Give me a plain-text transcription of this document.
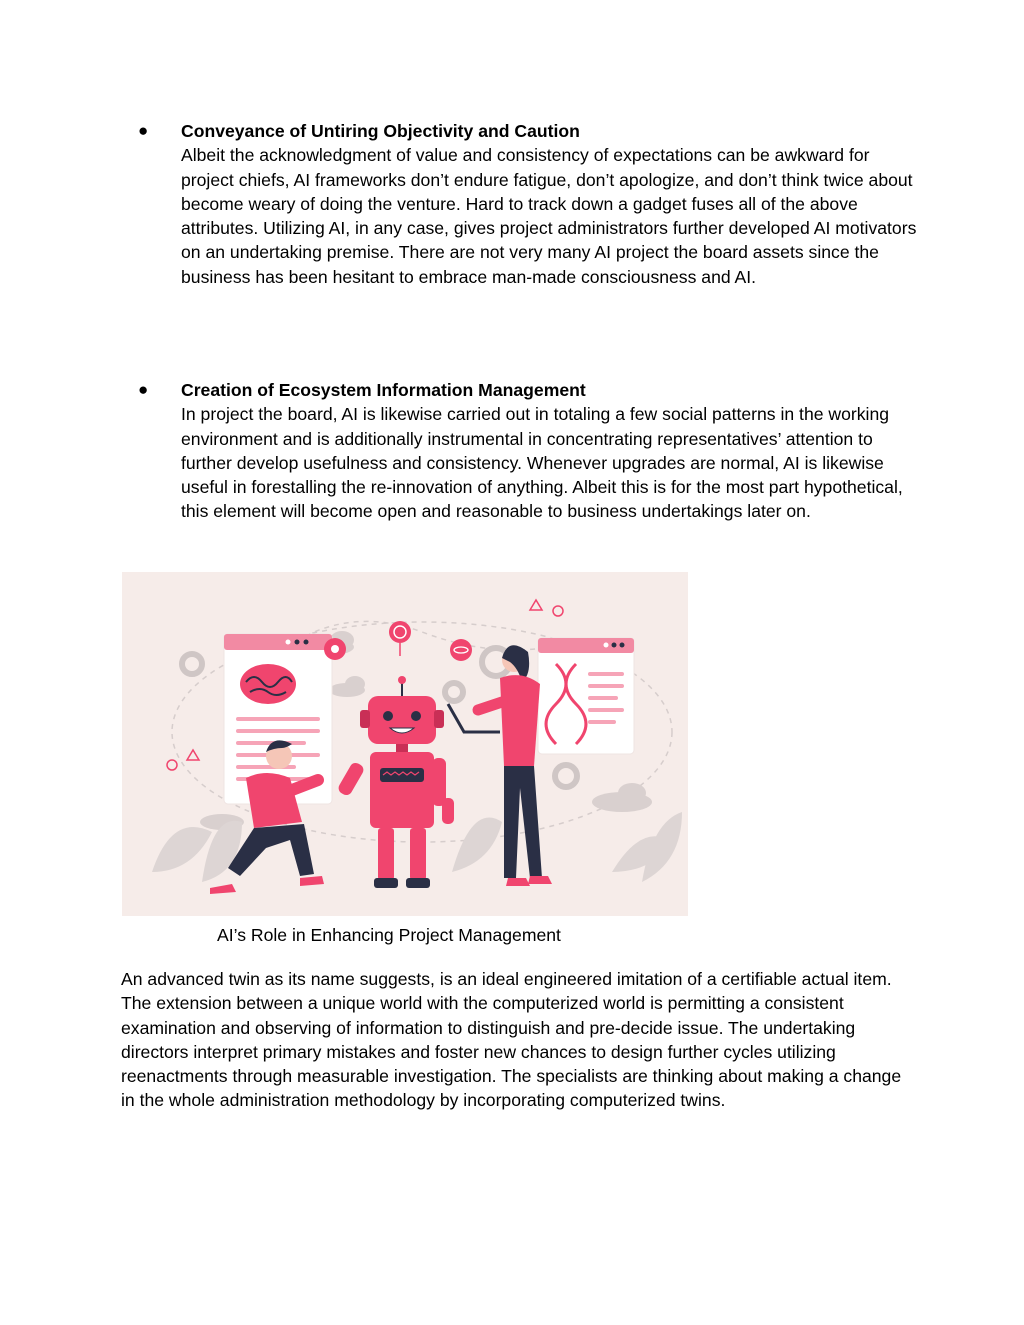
● Conveyance of Untiring Objectivity and Caution
Albeit the acknowledgment of value and consistency of expectations can be awkward for project chiefs, AI frameworks don’t endure fatigue, don’t apologize, and don’t think twice about become weary of doing the venture. Hard to track down a gadget fuses all of the above attributes. Utilizing AI, in any case, gives project administrators further developed AI motivators on an undertaking premise. There are not very many AI project the board assets since the business has been hesitant to embrace man-made consciousness and AI.
● Creation of Ecosystem Information Management
In project the board, AI is likewise carried out in totaling a few social patterns in the working environment and is additionally instrumental in concentrating representatives’ attention to further develop usefulness and consistency. Whenever upgrades are normal, AI is likewise useful in forestalling the re-innovation of anything. Albeit this is for the most part hypothetical, this element will become open and reasonable to business undertakings later on.
AI’s Role in Enhancing Project Management
An advanced twin as its name suggests, is an ideal engineered imitation of a certifiable actual item. The extension between a unique world with the computerized world is permitting a consistent examination and observing of information to distinguish and pre-decide issue. The undertaking directors interpret primary mistakes and foster new chances to design further cycles utilizing reenactments through measurable investigation. The specialists are thinking about making a change in the whole administration methodology by incorporating computerized twins.
